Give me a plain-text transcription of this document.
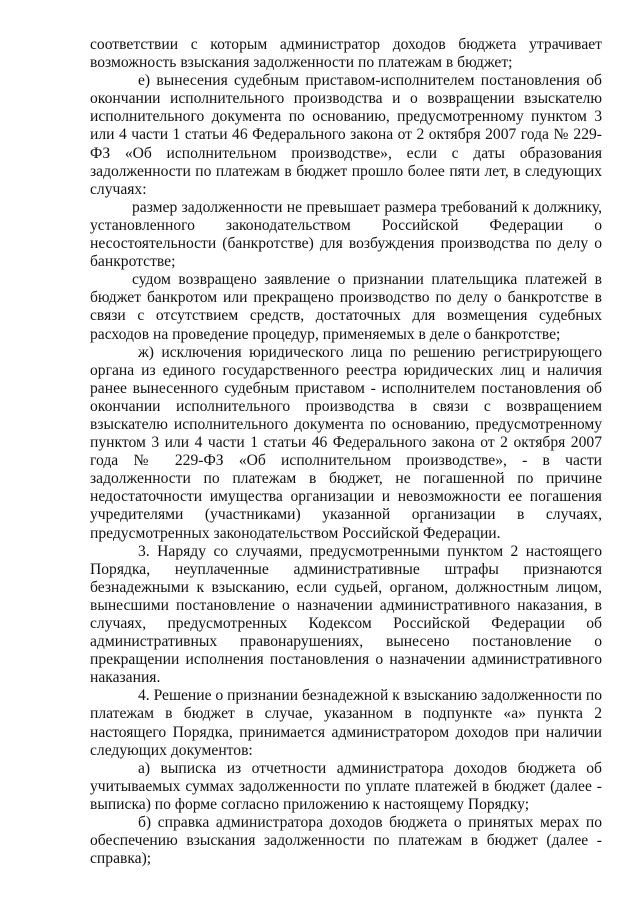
соответствии с которым администратор доходов бюджета утрачивает возможность взыскания задолженности по платежам в бюджет;

е) вынесения судебным приставом-исполнителем постановления об окончании исполнительного производства и о возвращении взыскателю исполнительного документа по основанию, предусмотренному пунктом 3 или 4 части 1 статьи 46 Федерального закона от 2 октября 2007 года № 229-ФЗ «Об исполнительном производстве», если с даты образования задолженности по платежам в бюджет прошло более пяти лет, в следующих случаях:

размер задолженности не превышает размера требований к должнику, установленного законодательством Российской Федерации о несостоятельности (банкротстве) для возбуждения производства по делу о банкротстве;

судом возвращено заявление о признании плательщика платежей в бюджет банкротом или прекращено производство по делу о банкротстве в связи с отсутствием средств, достаточных для возмещения судебных расходов на проведение процедур, применяемых в деле о банкротстве;

ж) исключения юридического лица по решению регистрирующего органа из единого государственного реестра юридических лиц и наличия ранее вынесенного судебным приставом - исполнителем постановления об окончании исполнительного производства в связи с возвращением взыскателю исполнительного документа по основанию, предусмотренному пунктом 3 или 4 части 1 статьи 46 Федерального закона от 2 октября 2007 года № 229-ФЗ «Об исполнительном производстве», - в части задолженности по платежам в бюджет, не погашенной по причине недостаточности имущества организации и невозможности ее погашения учредителями (участниками) указанной организации в случаях, предусмотренных законодательством Российской Федерации.

3. Наряду со случаями, предусмотренными пунктом 2 настоящего Порядка, неуплаченные административные штрафы признаются безнадежными к взысканию, если судьей, органом, должностным лицом, вынесшими постановление о назначении административного наказания, в случаях, предусмотренных Кодексом Российской Федерации об административных правонарушениях, вынесено постановление о прекращении исполнения постановления о назначении административного наказания.

4. Решение о признании безнадежной к взысканию задолженности по платежам в бюджет в случае, указанном в подпункте «а» пункта 2 настоящего Порядка, принимается администратором доходов при наличии следующих документов:

а) выписка из отчетности администратора доходов бюджета об учитываемых суммах задолженности по уплате платежей в бюджет (далее - выписка) по форме согласно приложению к настоящему Порядку;

б) справка администратора доходов бюджета о принятых мерах по обеспечению взыскания задолженности по платежам в бюджет (далее - справка);
